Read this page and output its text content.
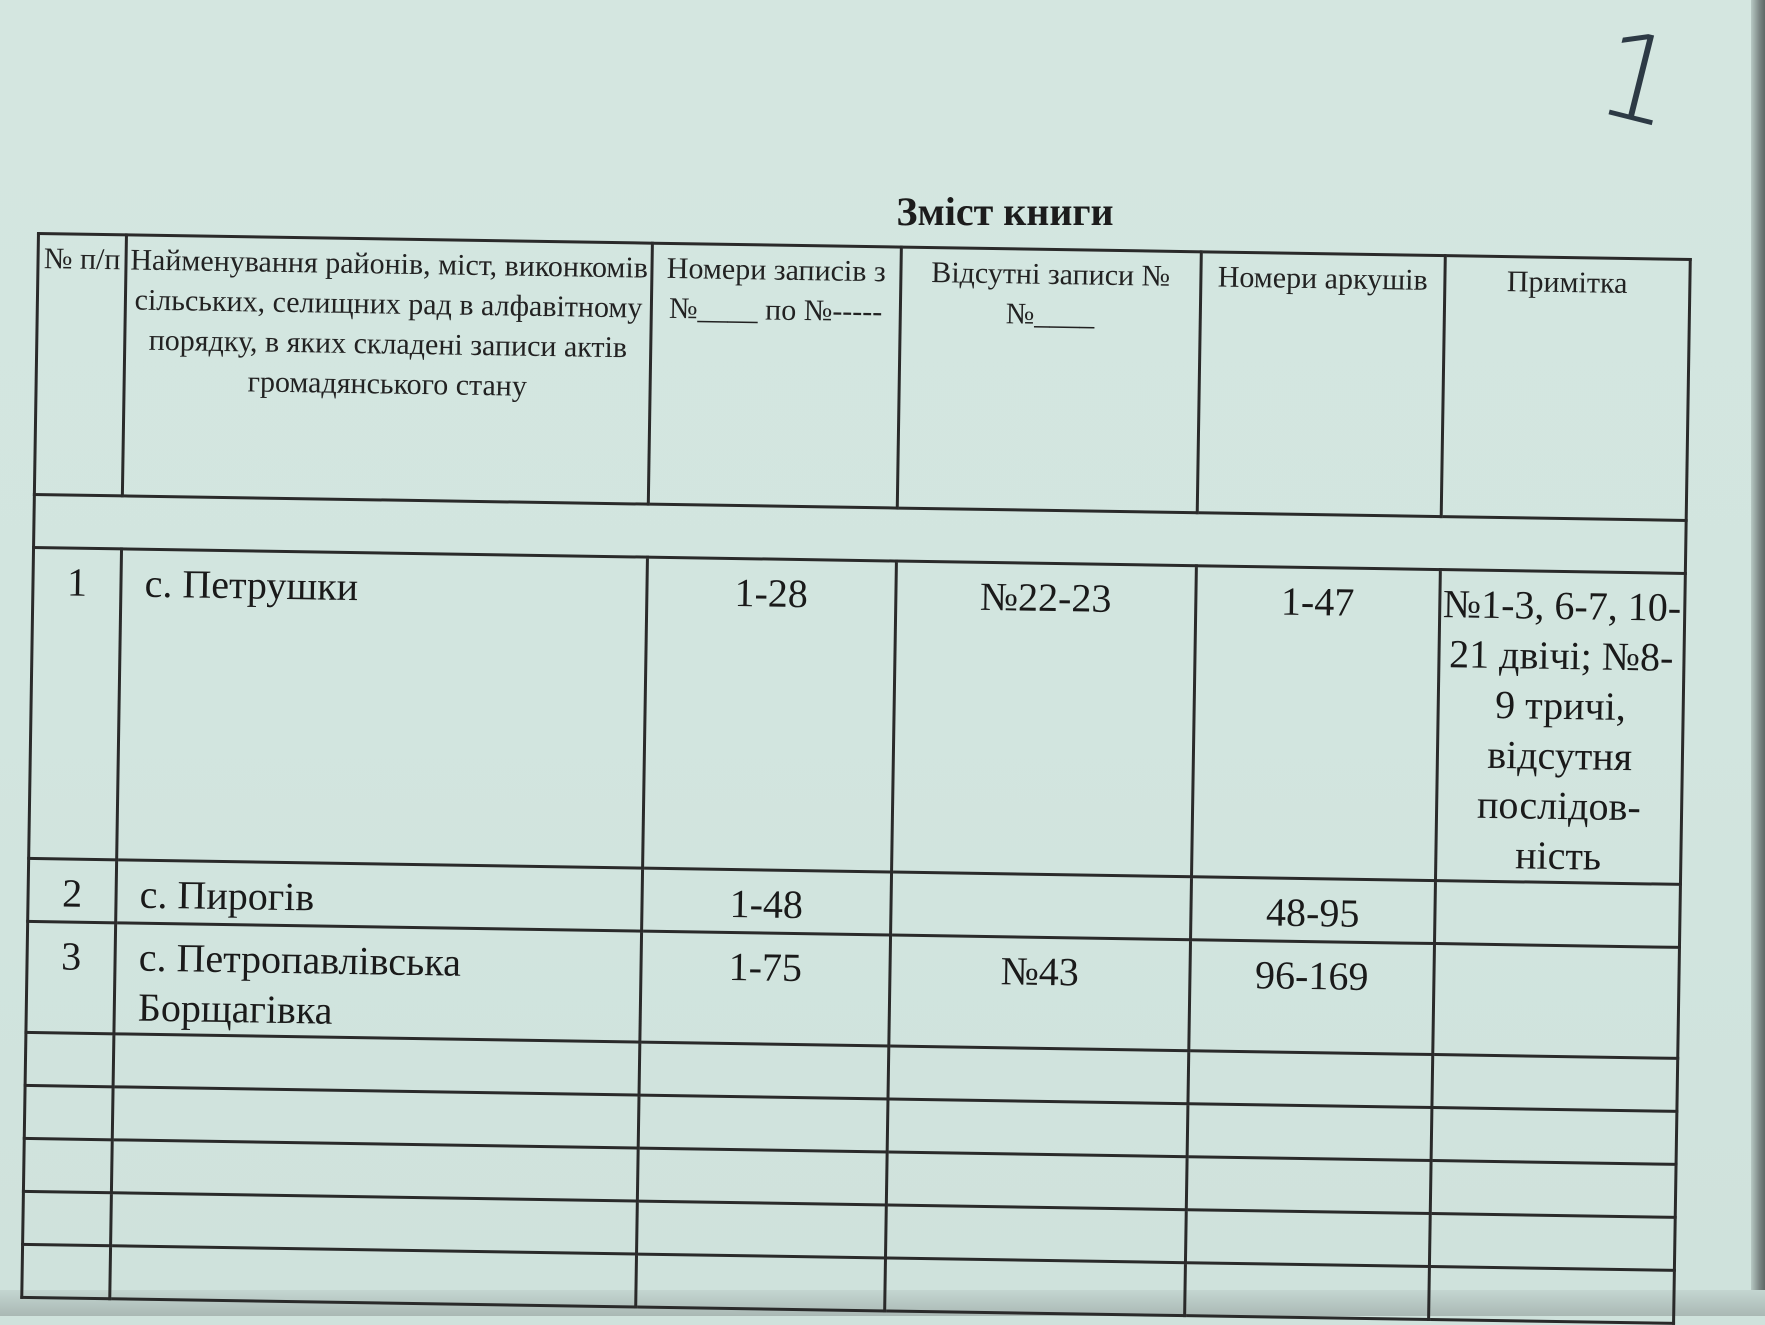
1
Зміст книги
№ п/п	Найменування районів, міст, виконкомів сільських, селищних рад в алфавітному порядку, в яких складені записи актів громадянського стану	Номери записів з №____ по №-----	Відсутні записи №№____	Номери аркушів	Примітка

1	с. Петрушки	1-28	№22-23	1-47	№1-3, 6-7, 10-21 двічі; №8-9 тричі, відсутня послідов-ність
2	с. Пирогів	1-48		48-95	
3	с. Петропавлівська Борщагівка	1-75	№43	96-169	
